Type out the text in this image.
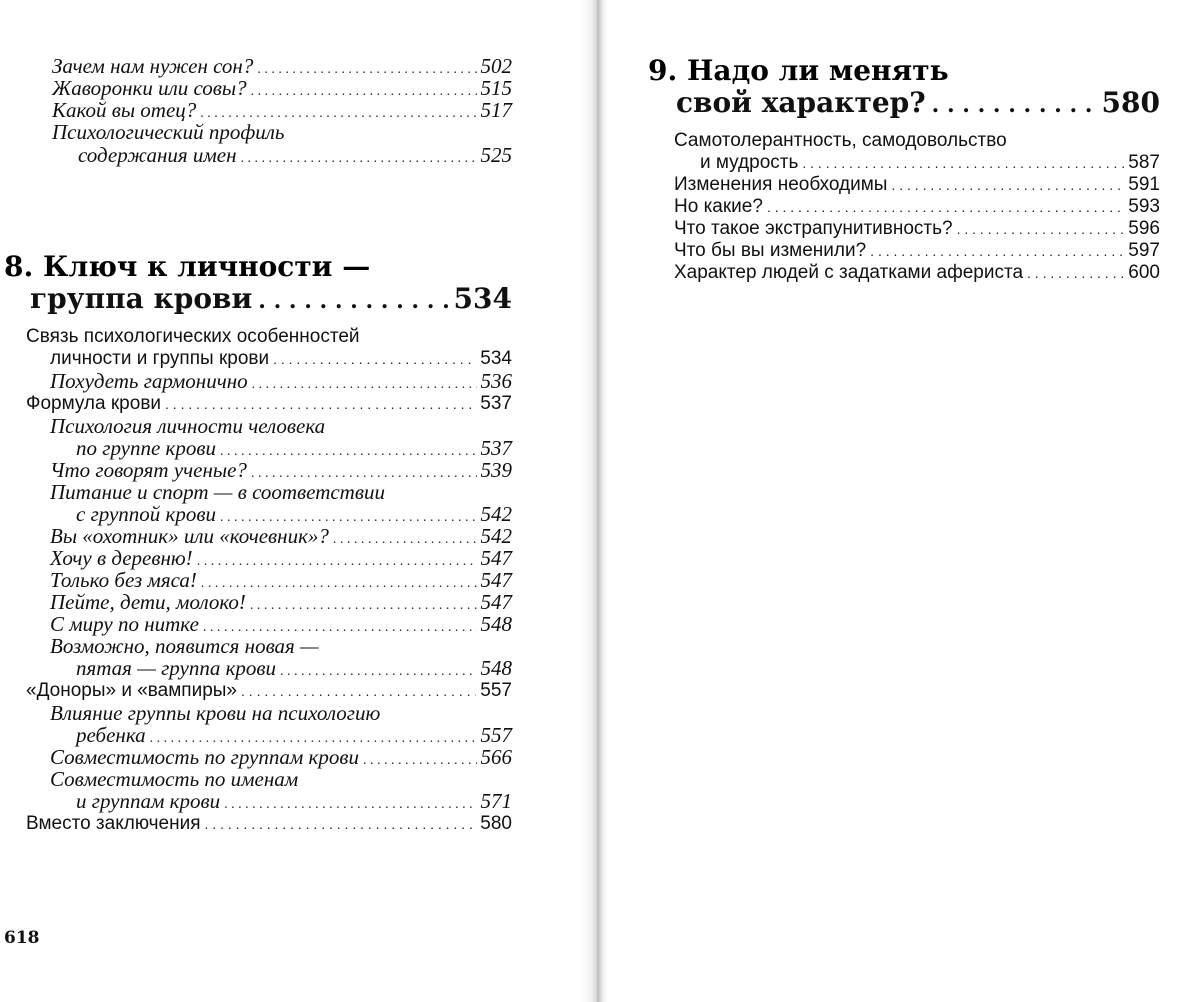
Зачем нам нужен сон? . . .	502
Жаворонки или совы? . . .	515
Какой вы отец? . . .	517
Психологический профиль
содержания имен . . .	525
8. Ключ к личности —
группа крови . . .	534
Связь психологических особенностей
личности и группы крови . . .	534
Похудеть гармонично . . .	536
Формула крови . . .	537
Психология личности человека
по группе крови . . .	537
Что говорят ученые? . . .	539
Питание и спорт — в соответствии
с группой крови . . .	542
Вы «охотник» или «кочевник»? . . .	542
Хочу в деревню! . . .	547
Только без мяса! . . .	547
Пейте, дети, молоко! . . .	547
С миру по нитке . . .	548
Возможно, появится новая —
пятая — группа крови . . .	548
«Доноры» и «вампиры» . . .	557
Влияние группы крови на психологию
ребенка . . .	557
Совместимость по группам крови . . .	566
Совместимость по именам
и группам крови . . .	571
Вместо заключения . . .	580
618
9. Надо ли менять
свой характер? . . .	580
Самотолерантность, самодовольство
и мудрость . . .	587
Изменения необходимы . . .	591
Но какие? . . .	593
Что такое экстрапунитивность? . . .	596
Что бы вы изменили? . . .	597
Характер людей с задатками афериста . . .	600
